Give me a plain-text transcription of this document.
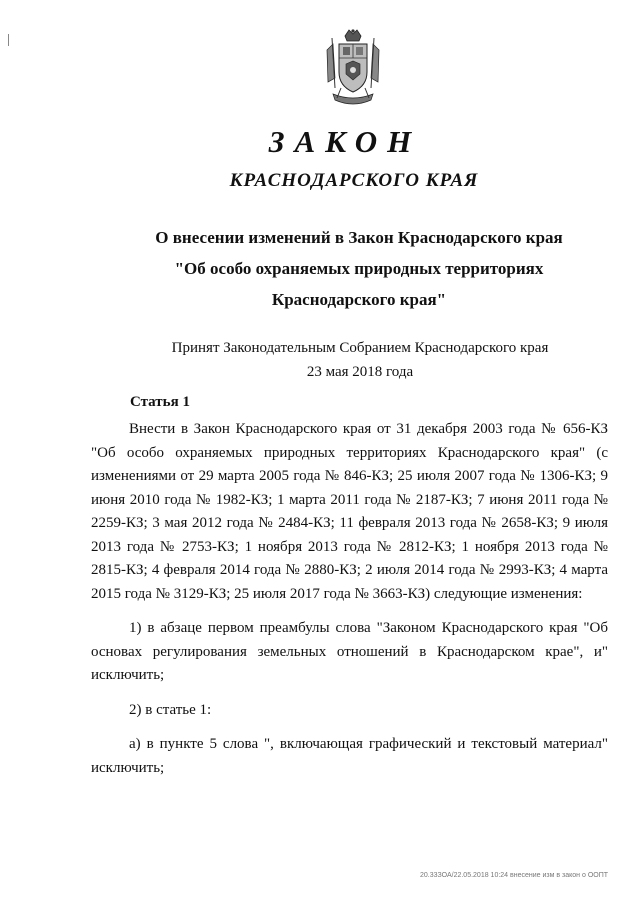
ЗАКОН
КРАСНОДАРСКОГО КРАЯ
О внесении изменений в Закон Краснодарского края
"Об особо охраняемых природных территориях
Краснодарского края"
Принят Законодательным Собранием Краснодарского края
23 мая 2018 года
Статья 1

Внести в Закон Краснодарского края от 31 декабря 2003 года № 656-КЗ "Об особо охраняемых природных территориях Краснодарского края" (с изменениями от 29 марта 2005 года № 846-КЗ; 25 июля 2007 года № 1306-КЗ; 9 июня 2010 года № 1982-КЗ; 1 марта 2011 года № 2187-КЗ; 7 июня 2011 года № 2259-КЗ; 3 мая 2012 года № 2484-КЗ; 11 февраля 2013 года № 2658-КЗ; 9 июля 2013 года № 2753-КЗ; 1 ноября 2013 года № 2812-КЗ; 1 ноября 2013 года № 2815-КЗ; 4 февраля 2014 года № 2880-КЗ; 2 июля 2014 года № 2993-КЗ; 4 марта 2015 года № 3129-КЗ; 25 июля 2017 года № 3663-КЗ) следующие изменения:

1) в абзаце первом преамбулы слова "Законом Краснодарского края "Об основах регулирования земельных отношений в Краснодарском крае", и" исключить;

2) в статье 1:

а) в пункте 5 слова ", включающая графический и текстовый материал" исключить;

20.33ЗОА/22.05.2018 10:24 внесение изм в закон о ООПТ
